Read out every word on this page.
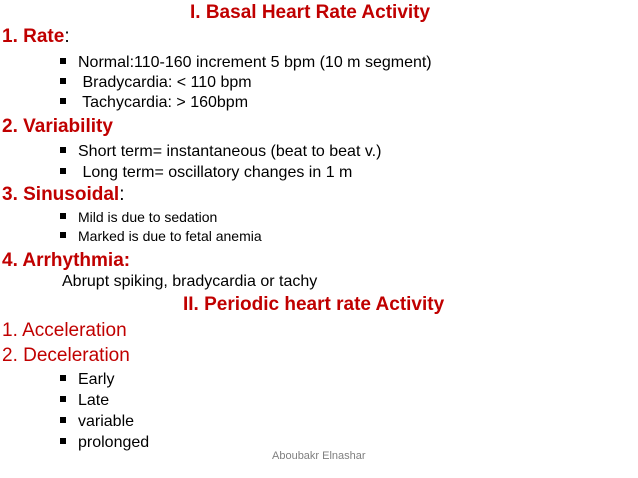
I. Basal Heart Rate Activity
1. Rate:
Normal:110-160 increment 5 bpm (10 m segment)
Bradycardia: < 110 bpm
Tachycardia: > 160bpm
2. Variability
Short term= instantaneous (beat to beat v.)
Long term= oscillatory changes in 1 m
3. Sinusoidal:
Mild is due to sedation
Marked is due to fetal anemia
4. Arrhythmia:
Abrupt spiking, bradycardia or tachy
II. Periodic heart rate Activity
1. Acceleration
2. Deceleration
Early
Late
variable
prolonged
Aboubakr Elnashar
